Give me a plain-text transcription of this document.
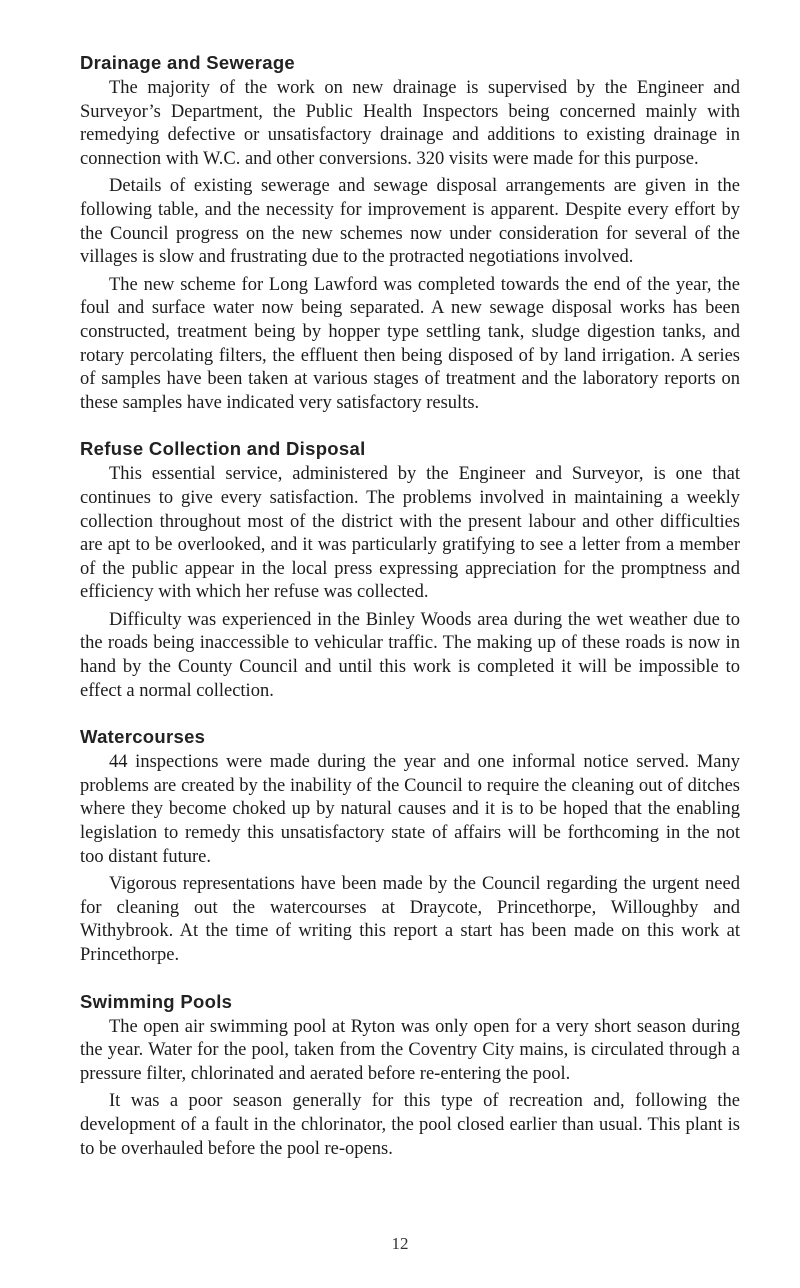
Drainage and Sewerage

The majority of the work on new drainage is supervised by the Engineer and Surveyor’s Department, the Public Health Inspectors being concerned mainly with remedying defective or unsatisfactory drainage and additions to existing drainage in connection with W.C. and other conversions. 320 visits were made for this purpose.

Details of existing sewerage and sewage disposal arrangements are given in the following table, and the necessity for improvement is apparent. Despite every effort by the Council progress on the new schemes now under consideration for several of the villages is slow and frustrating due to the protracted negotiations involved.

The new scheme for Long Lawford was completed towards the end of the year, the foul and surface water now being separated. A new sewage disposal works has been constructed, treatment being by hopper type settling tank, sludge digestion tanks, and rotary percolating filters, the effluent then being disposed of by land irrigation. A series of samples have been taken at various stages of treatment and the laboratory reports on these samples have indicated very satisfactory results.

Refuse Collection and Disposal

This essential service, administered by the Engineer and Surveyor, is one that continues to give every satisfaction. The problems involved in maintaining a weekly collection throughout most of the district with the present labour and other difficulties are apt to be overlooked, and it was particularly gratifying to see a letter from a member of the public appear in the local press expressing appreciation for the promptness and efficiency with which her refuse was collected.

Difficulty was experienced in the Binley Woods area during the wet weather due to the roads being inaccessible to vehicular traffic. The making up of these roads is now in hand by the County Council and until this work is completed it will be impossible to effect a normal collection.

Watercourses

44 inspections were made during the year and one informal notice served. Many problems are created by the inability of the Council to require the cleaning out of ditches where they become choked up by natural causes and it is to be hoped that the enabling legislation to remedy this unsatisfactory state of affairs will be forthcoming in the not too distant future.

Vigorous representations have been made by the Council regarding the urgent need for cleaning out the watercourses at Draycote, Princethorpe, Willoughby and Withybrook. At the time of writing this report a start has been made on this work at Princethorpe.

Swimming Pools

The open air swimming pool at Ryton was only open for a very short season during the year. Water for the pool, taken from the Coventry City mains, is circulated through a pressure filter, chlorinated and aerated before re-entering the pool.

It was a poor season generally for this type of recreation and, following the development of a fault in the chlorinator, the pool closed earlier than usual. This plant is to be overhauled before the pool re-opens.

12
